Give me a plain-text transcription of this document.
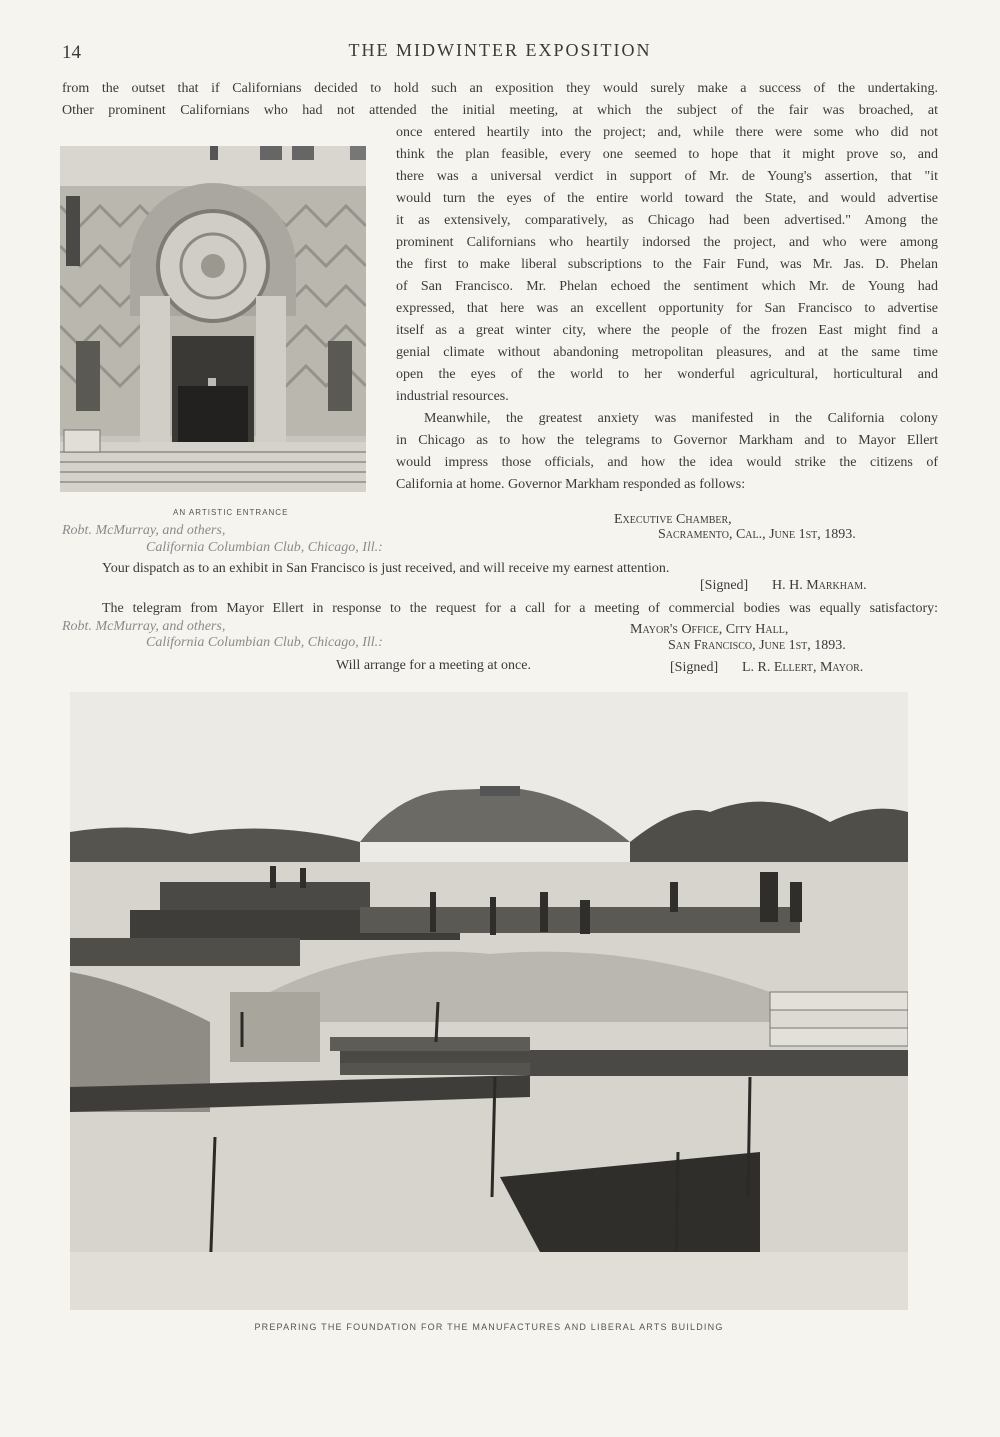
14	THE MIDWINTER EXPOSITION
from the outset that if Californians decided to hold such an exposition they would surely make a success of the undertaking.
Other prominent Californians who had not attended the initial meeting, at which the subject of the fair was broached, at
AN ARTISTIC ENTRANCE
once entered heartily into the project; and, while there were some who did not
think the plan feasible, every one seemed to hope that it might prove so, and
there was a universal verdict in support of Mr. de Young's assertion, that "it
would turn the eyes of the entire world toward the State, and would advertise
it as extensively, comparatively, as Chicago had been advertised." Among the
prominent Californians who heartily indorsed the project, and who were among
the first to make liberal subscriptions to the Fair Fund, was Mr. Jas. D. Phelan
of San Francisco. Mr. Phelan echoed the sentiment which Mr. de Young had
expressed, that here was an excellent opportunity for San Francisco to advertise
itself as a great winter city, where the people of the frozen East might find a
genial climate without abandoning metropolitan pleasures, and at the same time
open the eyes of the world to her wonderful agricultural, horticultural and
industrial resources.
Meanwhile, the greatest anxiety was manifested in the California colony
in Chicago as to how the telegrams to Governor Markham and to Mayor Ellert
would impress those officials, and how the idea would strike the citizens of
California at home. Governor Markham responded as follows:
Executive Chamber,
Robt. McMurray, and others,	Sacramento, Cal., June 1st, 1893.
California Columbian Club, Chicago, Ill.:
Your dispatch as to an exhibit in San Francisco is just received, and will receive my earnest attention.
[Signed] H. H. Markham.
The telegram from Mayor Ellert in response to the request for a call for a meeting of commercial bodies was equally satisfactory:
Robt. McMurray, and others,	Mayor's Office, City Hall,
California Columbian Club, Chicago, Ill.:	San Francisco, June 1st, 1893.
Will arrange for a meeting at once.	[Signed] L. R. Ellert, Mayor.
PREPARING THE FOUNDATION FOR THE MANUFACTURES AND LIBERAL ARTS BUILDING
